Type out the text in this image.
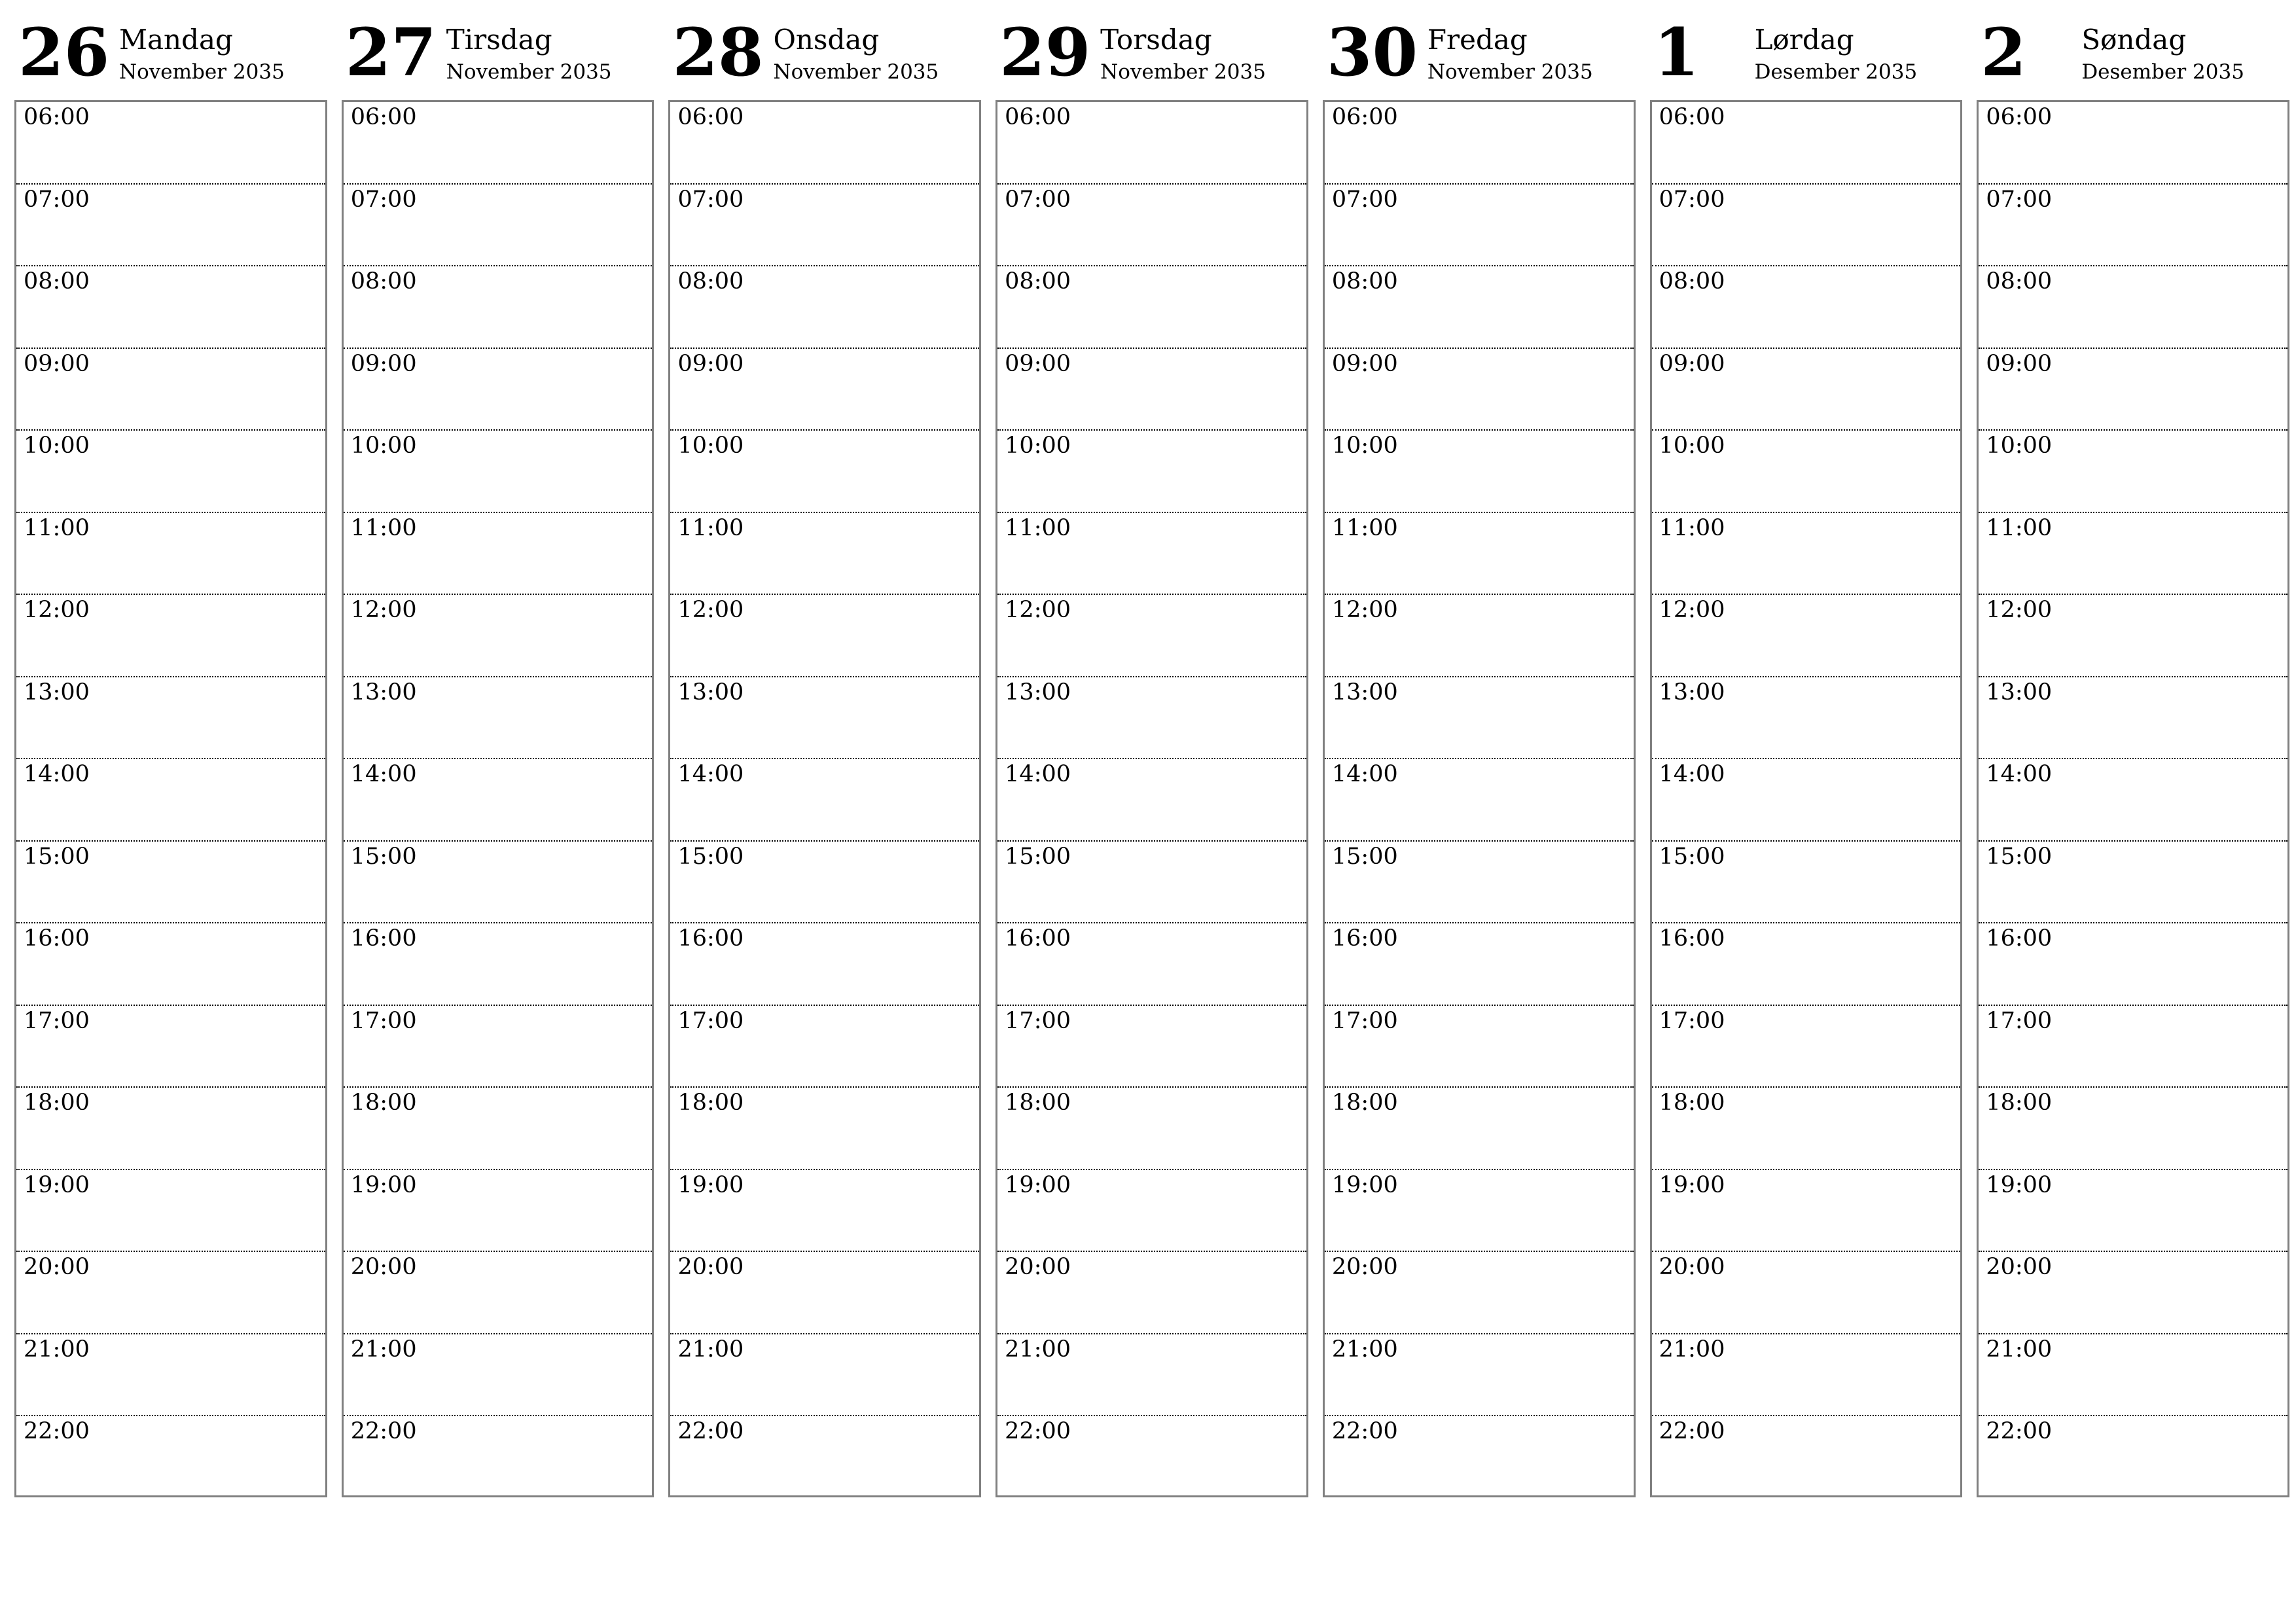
26 Mandag
November 2035
06:00
07:00
08:00
09:00
10:00
11:00
12:00
13:00
14:00
15:00
16:00
17:00
18:00
19:00
20:00
21:00
22:00
27 Tirsdag
November 2035
06:00
07:00
08:00
09:00
10:00
11:00
12:00
13:00
14:00
15:00
16:00
17:00
18:00
19:00
20:00
21:00
22:00
28 Onsdag
November 2035
06:00
07:00
08:00
09:00
10:00
11:00
12:00
13:00
14:00
15:00
16:00
17:00
18:00
19:00
20:00
21:00
22:00
29 Torsdag
November 2035
06:00
07:00
08:00
09:00
10:00
11:00
12:00
13:00
14:00
15:00
16:00
17:00
18:00
19:00
20:00
21:00
22:00
30 Fredag
November 2035
06:00
07:00
08:00
09:00
10:00
11:00
12:00
13:00
14:00
15:00
16:00
17:00
18:00
19:00
20:00
21:00
22:00
1 Lørdag
Desember 2035
06:00
07:00
08:00
09:00
10:00
11:00
12:00
13:00
14:00
15:00
16:00
17:00
18:00
19:00
20:00
21:00
22:00
2 Søndag
Desember 2035
06:00
07:00
08:00
09:00
10:00
11:00
12:00
13:00
14:00
15:00
16:00
17:00
18:00
19:00
20:00
21:00
22:00
